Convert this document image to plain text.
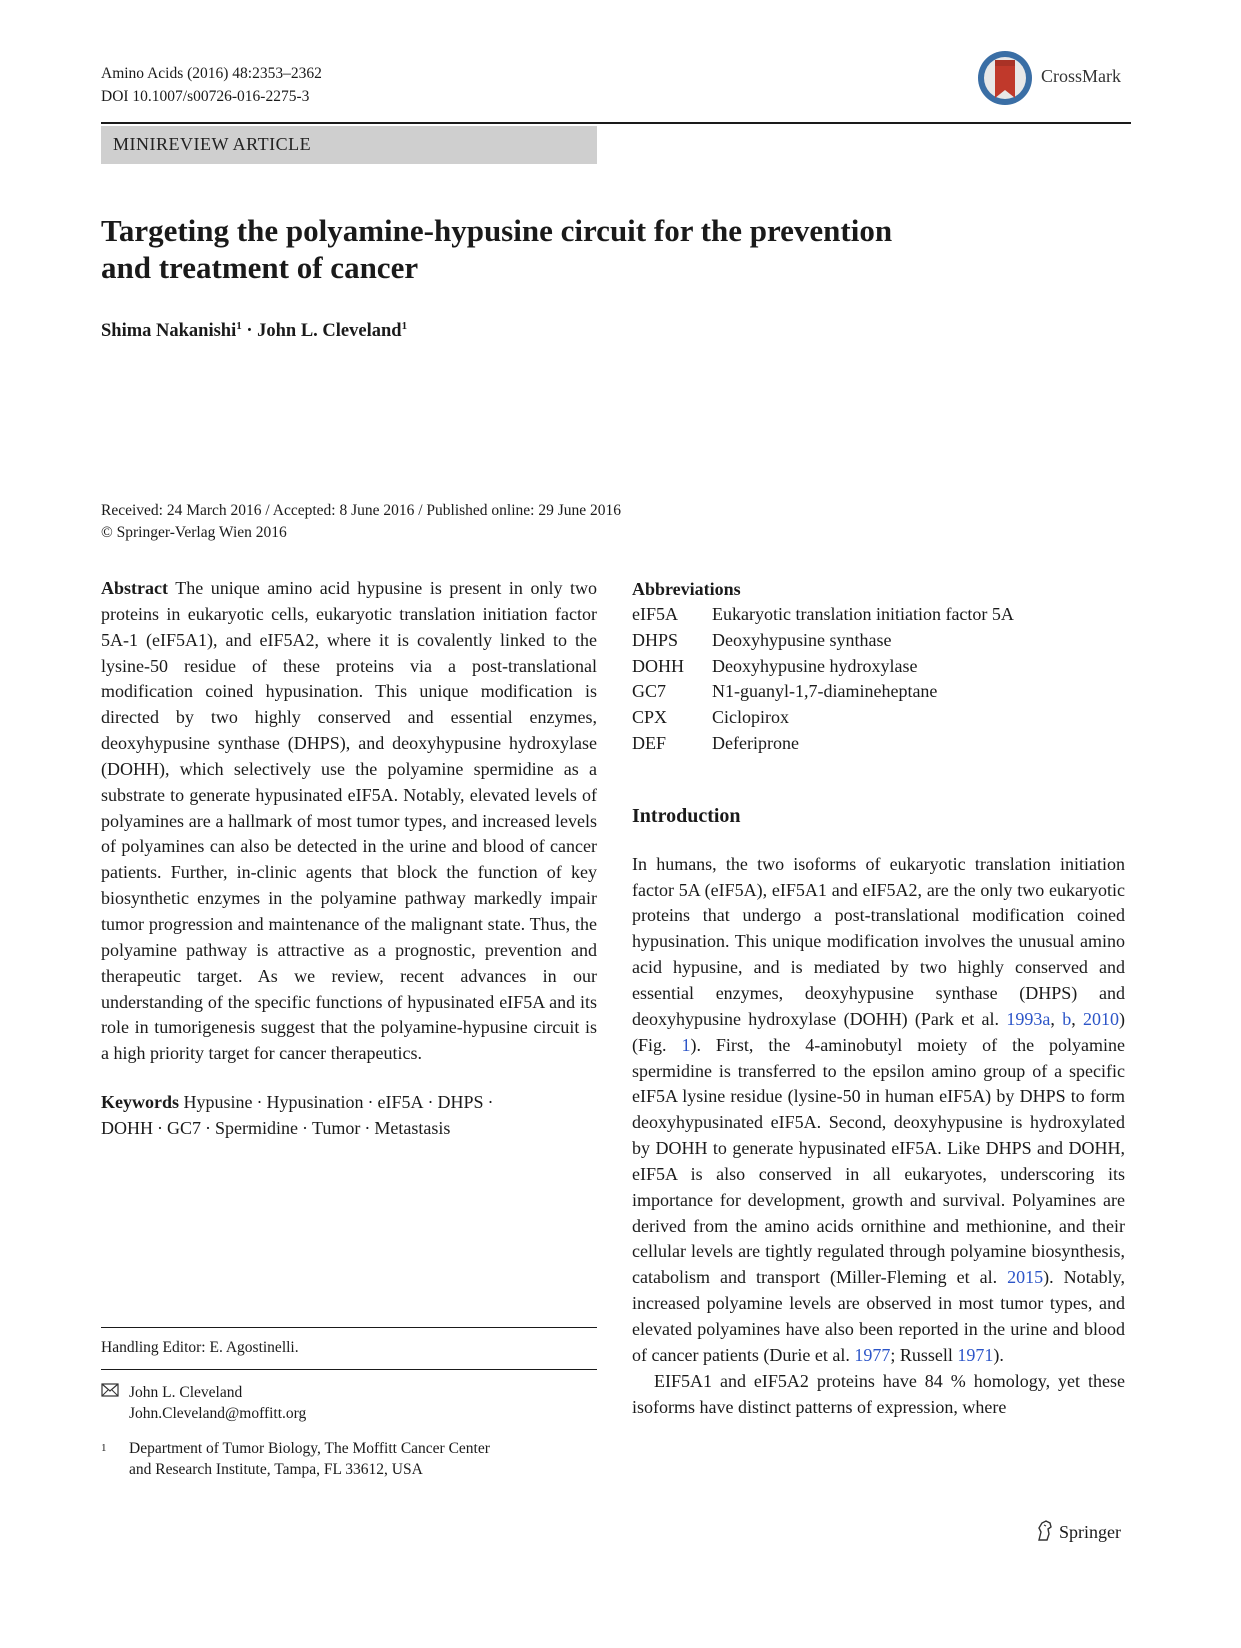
Amino Acids (2016) 48:2353–2362
DOI 10.1007/s00726-016-2275-3
CrossMark
MINIREVIEW ARTICLE
Targeting the polyamine-hypusine circuit for the prevention
and treatment of cancer
Shima Nakanishi$^1$ · John L. Cleveland$^1$
Received: 24 March 2016 / Accepted: 8 June 2016 / Published online: 29 June 2016
© Springer-Verlag Wien 2016

Abstract The unique amino acid hypusine is present in only two proteins in eukaryotic cells, eukaryotic translation initiation factor 5A-1 (eIF5A1), and eIF5A2, where it is covalently linked to the lysine-50 residue of these proteins via a post-translational modification coined hypusination. This unique modification is directed by two highly conserved and essential enzymes, deoxyhypusine synthase (DHPS), and deoxyhypusine hydroxylase (DOHH), which selectively use the polyamine spermidine as a substrate to generate hypusinated eIF5A. Notably, elevated levels of polyamines are a hallmark of most tumor types, and increased levels of polyamines can also be detected in the urine and blood of cancer patients. Further, in-clinic agents that block the function of key biosynthetic enzymes in the polyamine pathway markedly impair tumor progression and maintenance of the malignant state. Thus, the polyamine pathway is attractive as a prognostic, prevention and therapeutic target. As we review, recent advances in our understanding of the specific functions of hypusinated eIF5A and its role in tumorigenesis suggest that the polyamine-hypusine circuit is a high priority target for cancer therapeutics.

Keywords Hypusine · Hypusination · eIF5A · DHPS ·
DOHH · GC7 · Spermidine · Tumor · Metastasis
Handling Editor: E. Agostinelli.
John L. Cleveland
John.Cleveland@moffitt.org
1	Department of Tumor Biology, The Moffitt Cancer Center
and Research Institute, Tampa, FL 33612, USA
Abbreviations
eIF5A	Eukaryotic translation initiation factor 5A
DHPS	Deoxyhypusine synthase
DOHH	Deoxyhypusine hydroxylase
GC7	N1-guanyl-1,7-diamineheptane
CPX	Ciclopirox
DEF	Deferiprone
Introduction

In humans, the two isoforms of eukaryotic translation initiation factor 5A (eIF5A), eIF5A1 and eIF5A2, are the only two eukaryotic proteins that undergo a post-translational modification coined hypusination. This unique modification involves the unusual amino acid hypusine, and is mediated by two highly conserved and essential enzymes, deoxyhypusine synthase (DHPS) and deoxyhypusine hydroxylase (DOHH) (Park et al. 1993a, b, 2010) (Fig. 1). First, the 4-aminobutyl moiety of the polyamine spermidine is transferred to the epsilon amino group of a specific eIF5A lysine residue (lysine-50 in human eIF5A) by DHPS to form deoxyhypusinated eIF5A. Second, deoxyhypusine is hydroxylated by DOHH to generate hypusinated eIF5A. Like DHPS and DOHH, eIF5A is also conserved in all eukaryotes, underscoring its importance for development, growth and survival. Polyamines are derived from the amino acids ornithine and methionine, and their cellular levels are tightly regulated through polyamine biosynthesis, catabolism and transport (Miller-Fleming et al. 2015). Notably, increased polyamine levels are observed in most tumor types, and elevated polyamines have also been reported in the urine and blood of cancer patients (Durie et al. 1977; Russell 1971).

EIF5A1 and eIF5A2 proteins have 84 % homology, yet these isoforms have distinct patterns of expression, where

Springer
